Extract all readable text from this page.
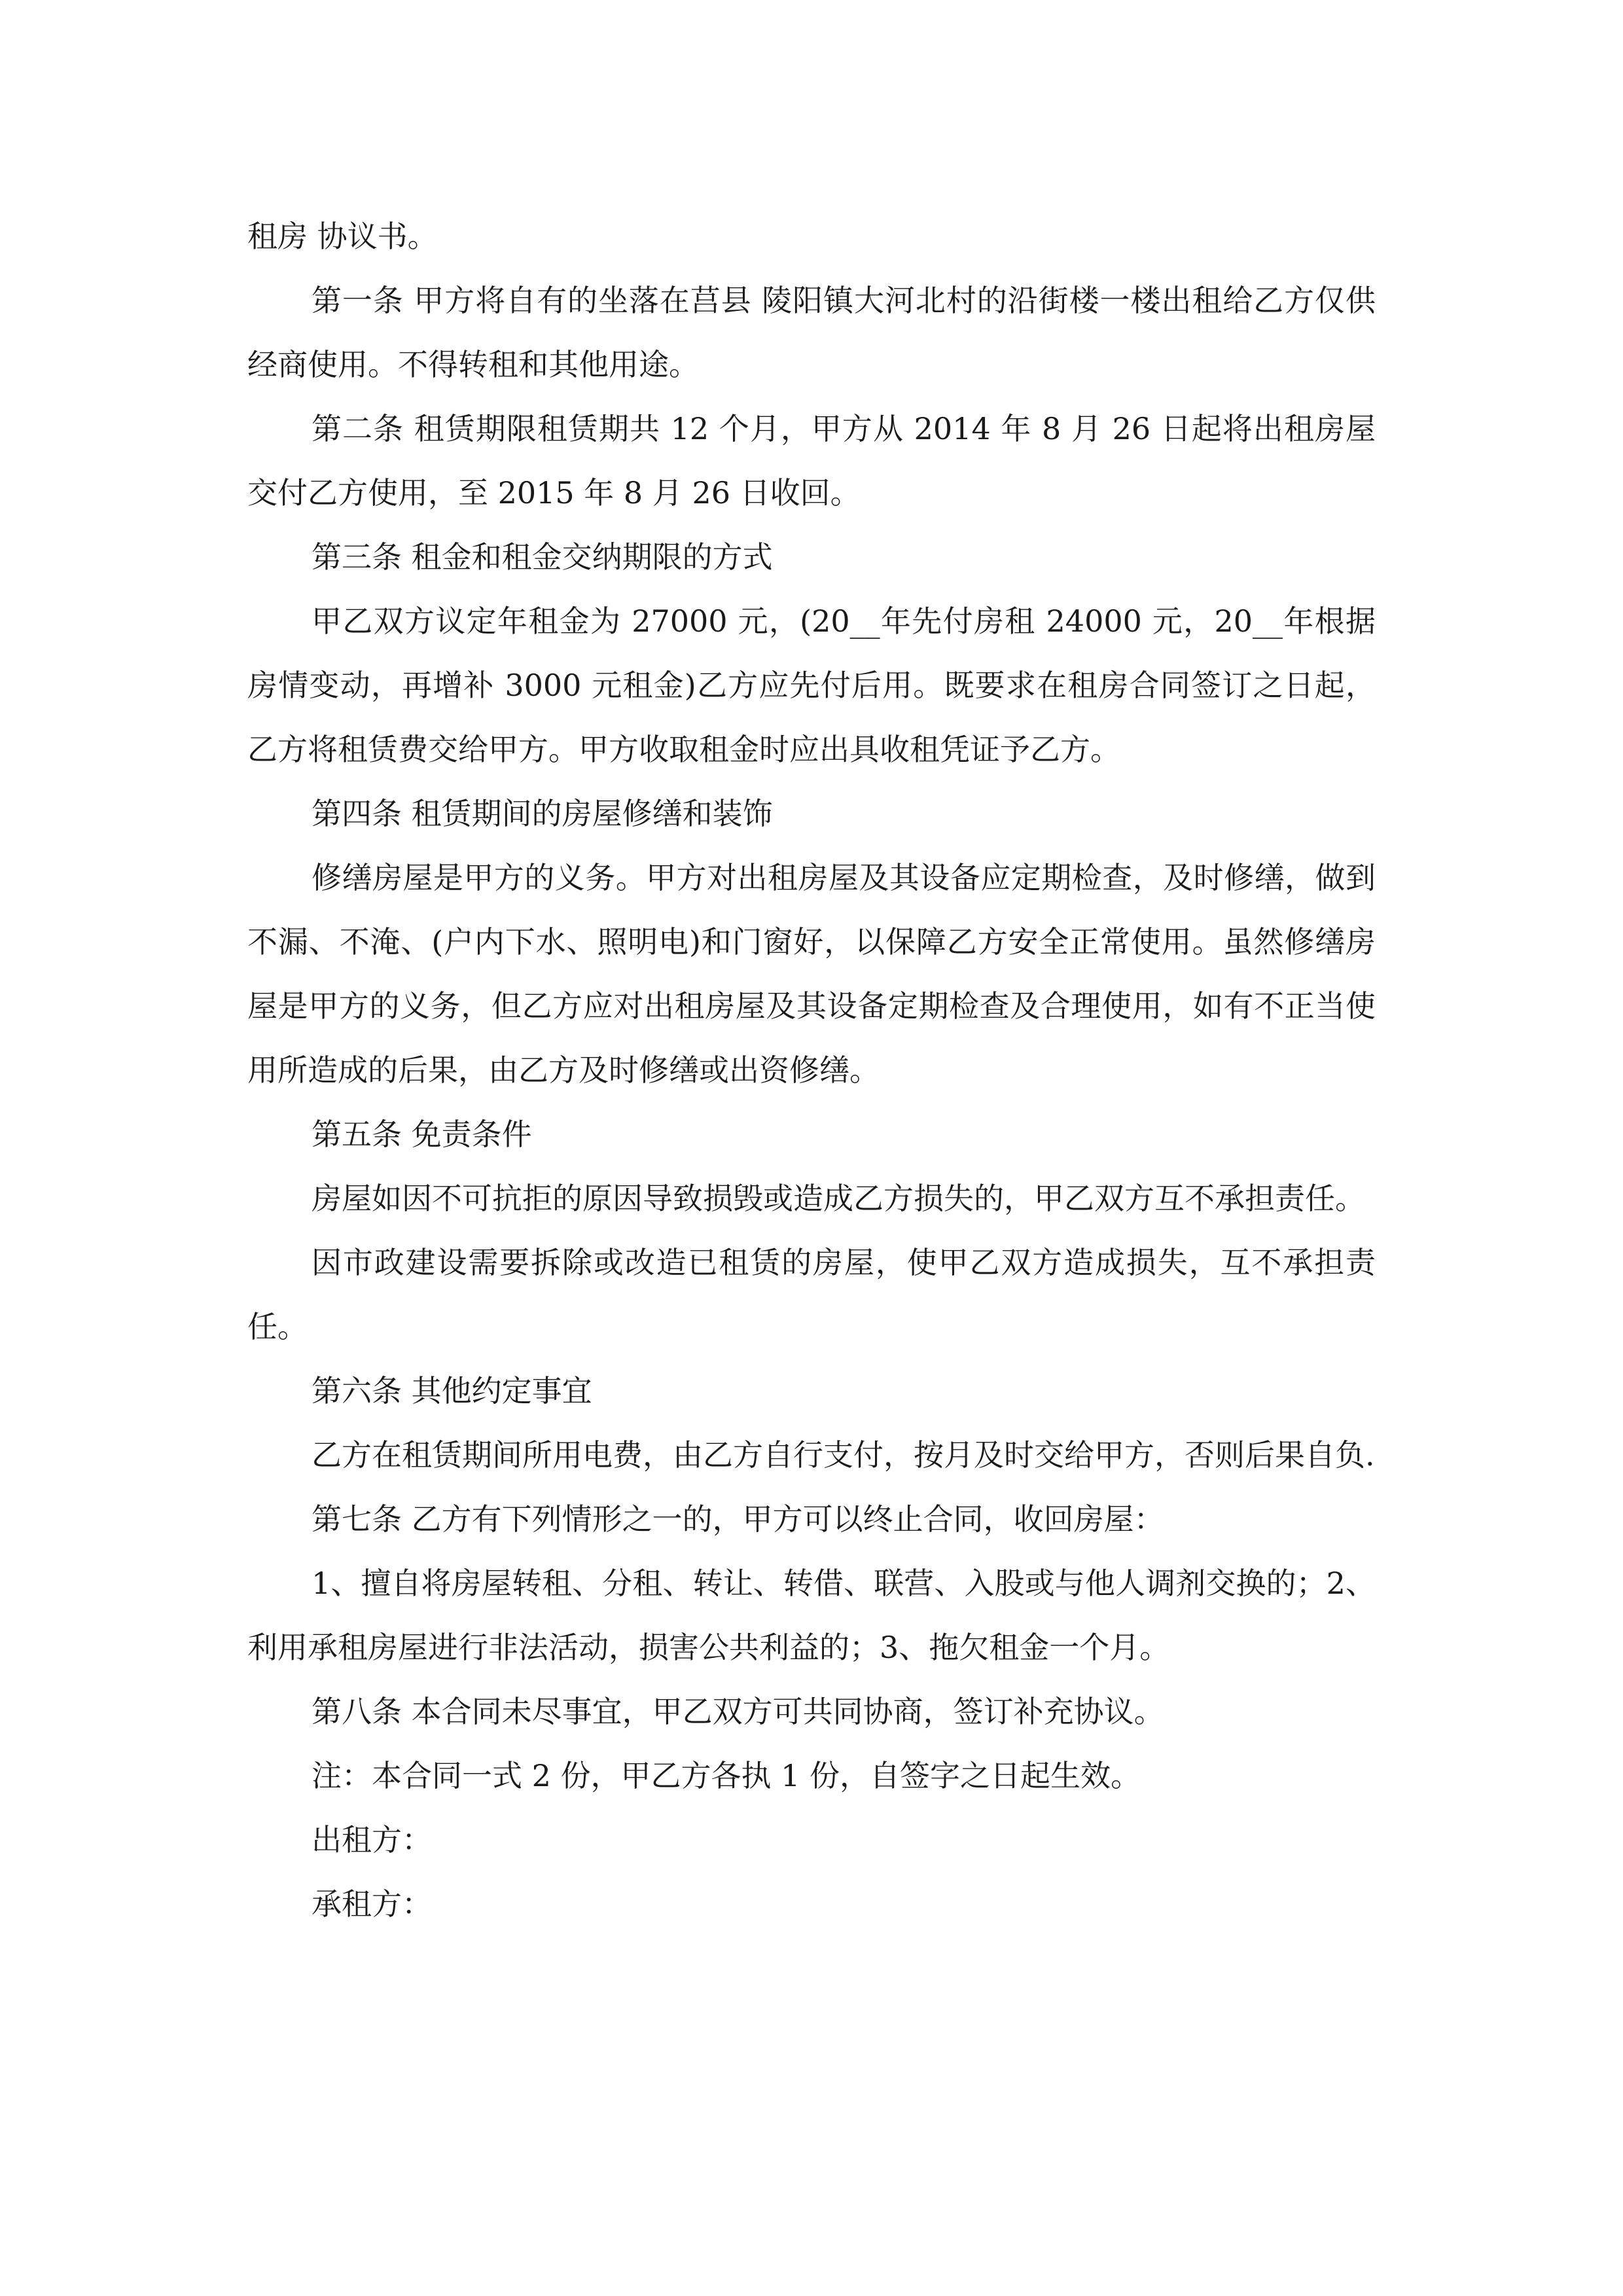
租房 协议书。

第一条 甲方将自有的坐落在莒县 陵阳镇大河北村的沿街楼一楼出租给乙方仅供经商使用。不得转租和其他用途。

第二条 租赁期限租赁期共 12 个月，甲方从 2014 年 8 月 26 日起将出租房屋交付乙方使用，至 2015 年 8 月 26 日收回。

第三条 租金和租金交纳期限的方式

甲乙双方议定年租金为 27000 元，(20__年先付房租 24000 元，20__年根据房情变动，再增补 3000 元租金)乙方应先付后用。既要求在租房合同签订之日起，乙方将租赁费交给甲方。甲方收取租金时应出具收租凭证予乙方。

第四条 租赁期间的房屋修缮和装饰

修缮房屋是甲方的义务。甲方对出租房屋及其设备应定期检查，及时修缮，做到不漏、不淹、(户内下水、照明电)和门窗好，以保障乙方安全正常使用。虽然修缮房屋是甲方的义务，但乙方应对出租房屋及其设备定期检查及合理使用，如有不正当使用所造成的后果，由乙方及时修缮或出资修缮。

第五条 免责条件

房屋如因不可抗拒的原因导致损毁或造成乙方损失的，甲乙双方互不承担责任。

因市政建设需要拆除或改造已租赁的房屋，使甲乙双方造成损失，互不承担责任。

第六条 其他约定事宜

乙方在租赁期间所用电费，由乙方自行支付，按月及时交给甲方，否则后果自负.

第七条 乙方有下列情形之一的，甲方可以终止合同，收回房屋：

1、擅自将房屋转租、分租、转让、转借、联营、入股或与他人调剂交换的；2、利用承租房屋进行非法活动，损害公共利益的；3、拖欠租金一个月。

第八条 本合同未尽事宜，甲乙双方可共同协商，签订补充协议。

注：本合同一式 2 份，甲乙方各执 1 份，自签字之日起生效。

出租方：

承租方：
